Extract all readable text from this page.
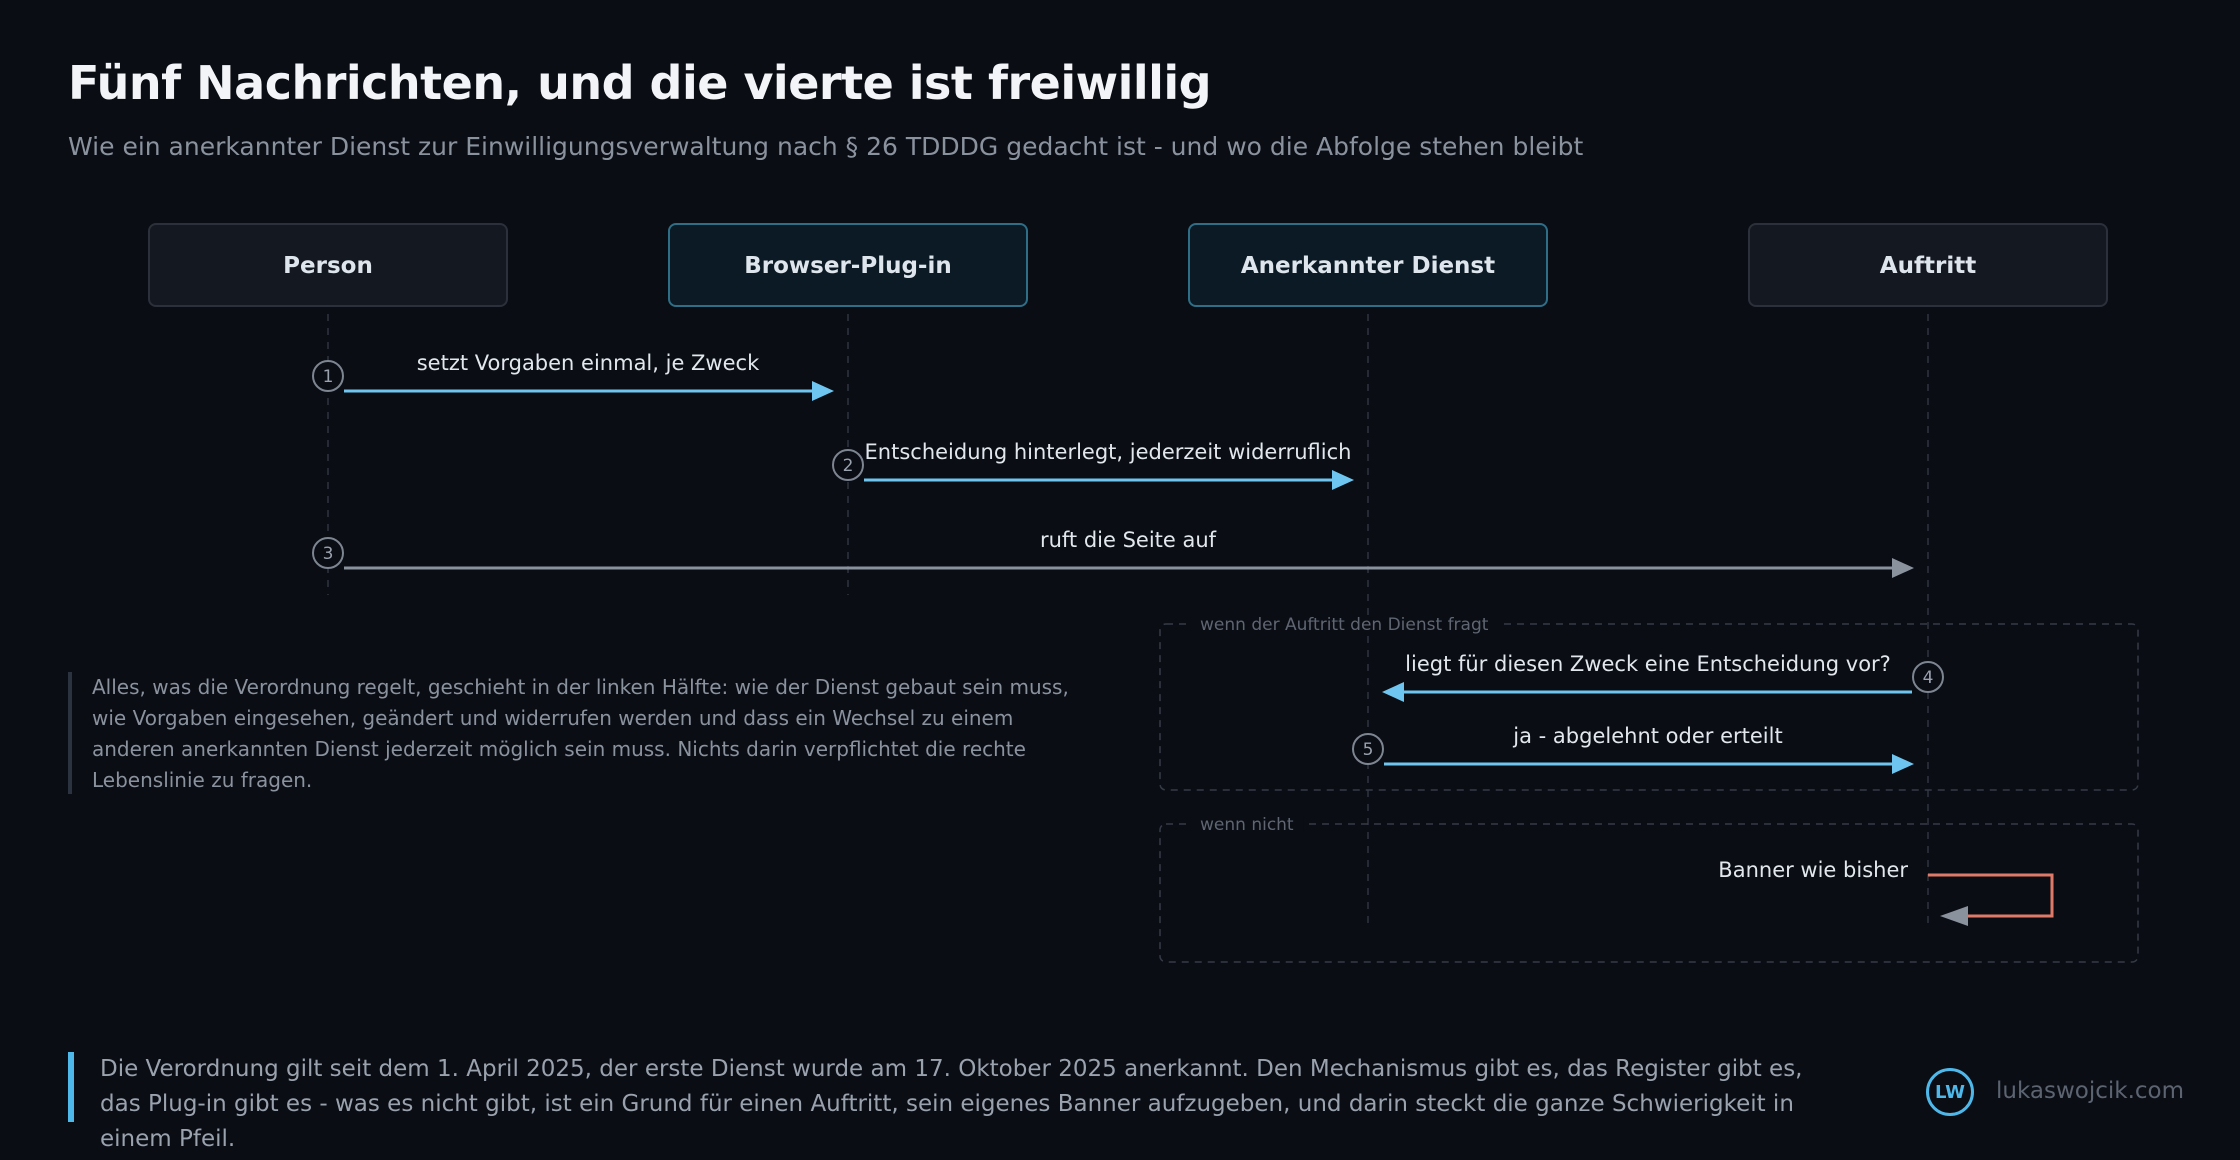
Fünf Nachrichten, und die vierte ist freiwillig
Wie ein anerkannter Dienst zur Einwilligungsverwaltung nach § 26 TDDDG gedacht ist - und wo die Abfolge stehen bleibt
Person	Browser-Plug-in	Anerkannter Dienst	Auftritt
wenn der Auftritt den Dienst fragt
wenn nicht
1
setzt Vorgaben einmal, je Zweck
2
Entscheidung hinterlegt, jederzeit widerruflich
3
ruft die Seite auf
4
liegt für diesen Zweck eine Entscheidung vor?
5
ja - abgelehnt oder erteilt
Banner wie bisher
Alles, was die Verordnung regelt, geschieht in der linken Hälfte: wie der Dienst gebaut sein muss, wie Vorgaben eingesehen, geändert und widerrufen werden und dass ein Wechsel zu einem anderen anerkannten Dienst jederzeit möglich sein muss. Nichts darin verpflichtet die rechte Lebenslinie zu fragen.
Die Verordnung gilt seit dem 1. April 2025, der erste Dienst wurde am 17. Oktober 2025 anerkannt. Den Mechanismus gibt es, das Register gibt es, das Plug-in gibt es - was es nicht gibt, ist ein Grund für einen Auftritt, sein eigenes Banner aufzugeben, und darin steckt die ganze Schwierigkeit in einem Pfeil.
LW	lukaswojcik.com
